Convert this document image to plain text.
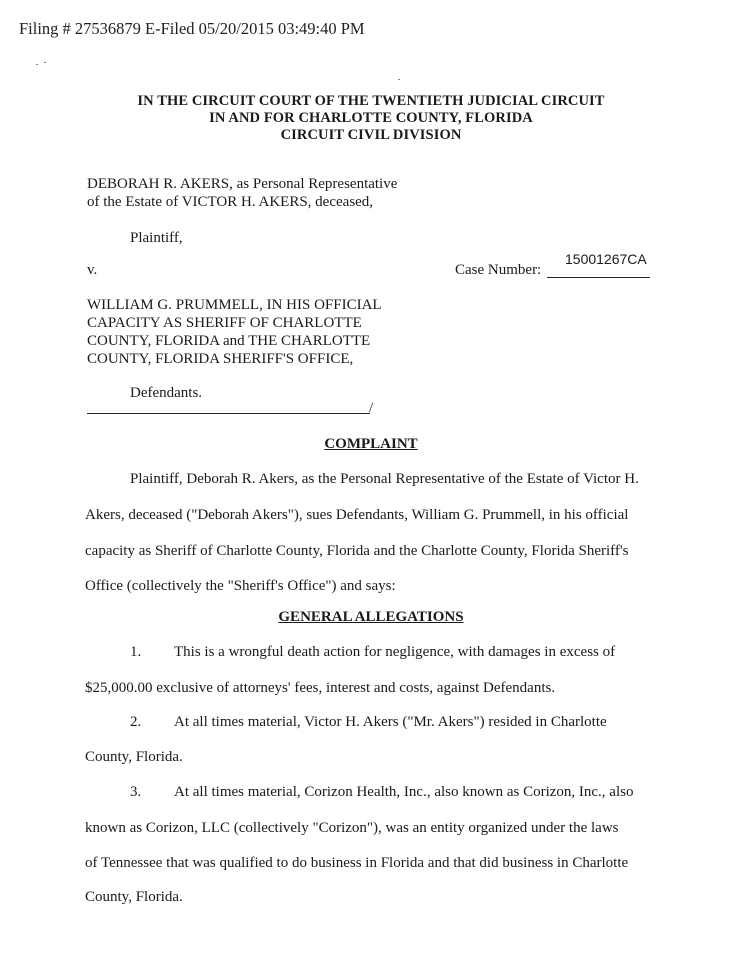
Filing # 27536879 E-Filed 05/20/2015 03:49:40 PM
IN THE CIRCUIT COURT OF THE TWENTIETH JUDICIAL CIRCUIT
IN AND FOR CHARLOTTE COUNTY, FLORIDA
CIRCUIT CIVIL DIVISION
DEBORAH R. AKERS, as Personal Representative
of the Estate of VICTOR H. AKERS, deceased,
Plaintiff,
v.
15001267CA
Case Number:
WILLIAM G. PRUMMELL, IN HIS OFFICIAL
CAPACITY AS SHERIFF OF CHARLOTTE
COUNTY, FLORIDA and THE CHARLOTTE
COUNTY, FLORIDA SHERIFF'S OFFICE,
Defendants.
/
COMPLAINT
Plaintiff, Deborah R. Akers, as the Personal Representative of the Estate of Victor H.
Akers, deceased ("Deborah Akers"), sues Defendants, William G. Prummell, in his official
capacity as Sheriff of Charlotte County, Florida and the Charlotte County, Florida Sheriff's
Office (collectively the "Sheriff's Office") and says:
GENERAL ALLEGATIONS
1. This is a wrongful death action for negligence, with damages in excess of
$25,000.00 exclusive of attorneys' fees, interest and costs, against Defendants.
2. At all times material, Victor H. Akers ("Mr. Akers") resided in Charlotte
County, Florida.
3. At all times material, Corizon Health, Inc., also known as Corizon, Inc., also
known as Corizon, LLC (collectively "Corizon"), was an entity organized under the laws
of Tennessee that was qualified to do business in Florida and that did business in Charlotte
County, Florida.
